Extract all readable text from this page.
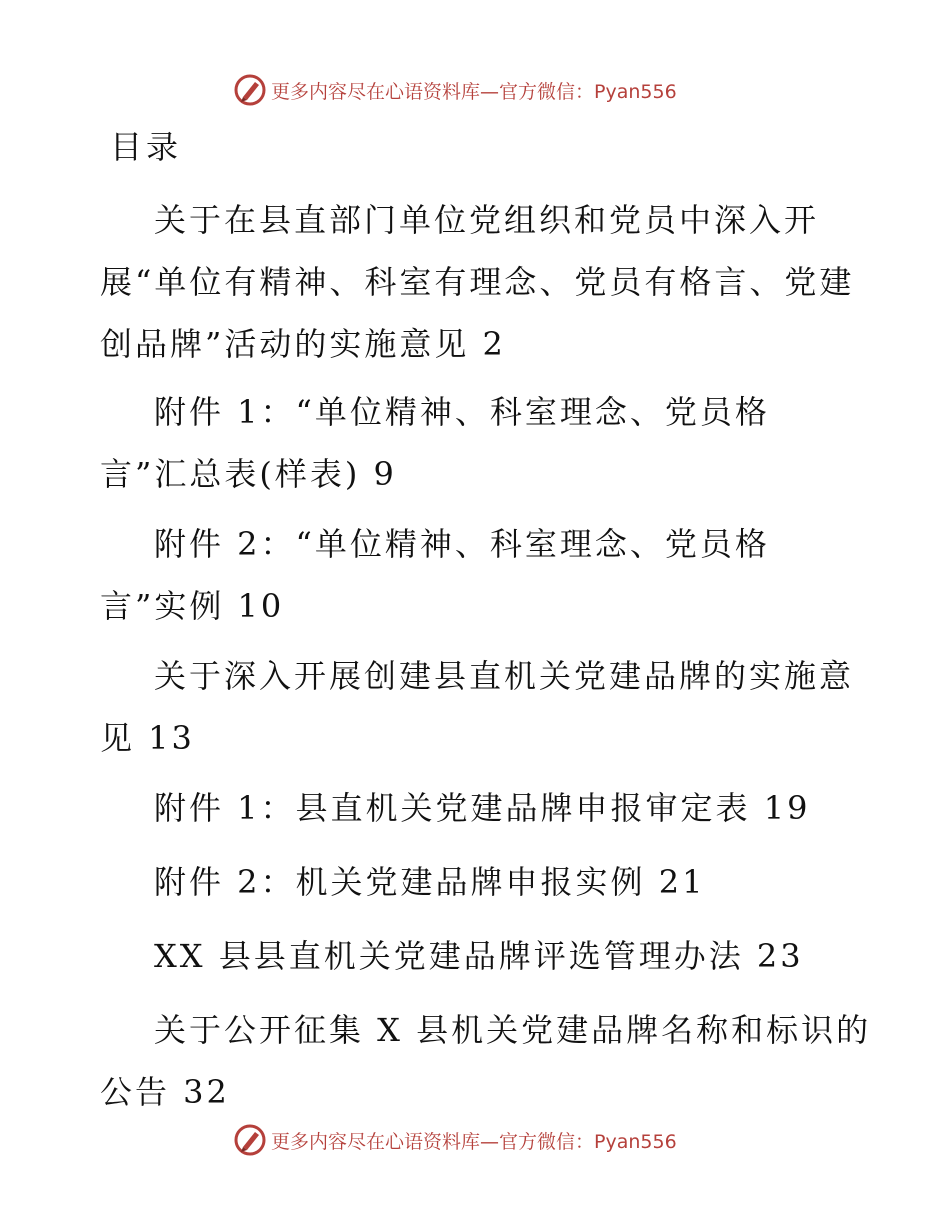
更多内容尽在心语资料库—官方微信：Pyan556
目录
关于在县直部门单位党组织和党员中深入开
展“单位有精神、科室有理念、党员有格言、党建
创品牌”活动的实施意见 2
附件 1：“单位精神、科室理念、党员格
言”汇总表(样表) 9
附件 2：“单位精神、科室理念、党员格
言”实例 10
关于深入开展创建县直机关党建品牌的实施意
见 13
附件 1：县直机关党建品牌申报审定表 19
附件 2：机关党建品牌申报实例 21
XX 县县直机关党建品牌评选管理办法 23
关于公开征集 X 县机关党建品牌名称和标识的
公告 32
更多内容尽在心语资料库—官方微信：Pyan556
